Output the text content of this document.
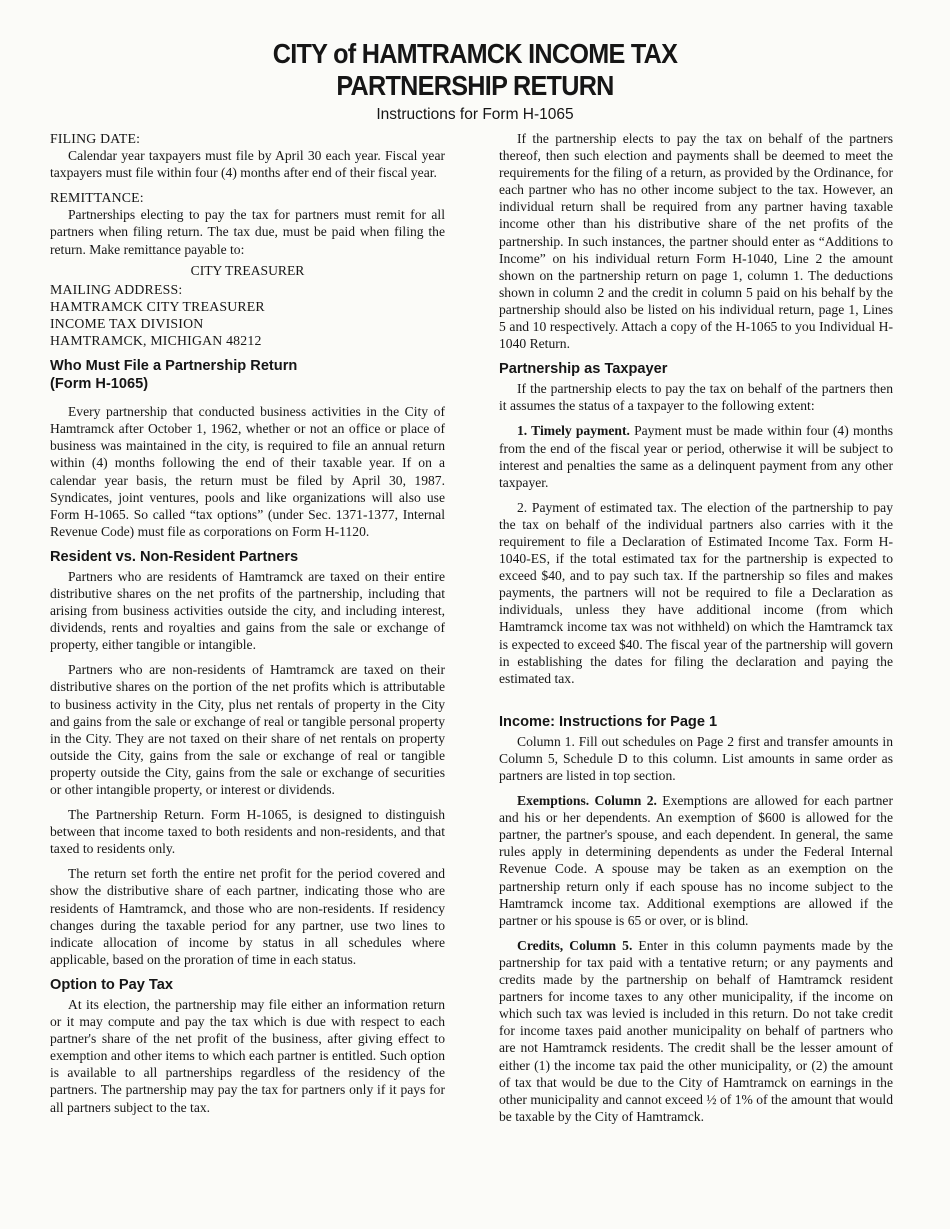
CITY of HAMTRAMCK INCOME TAX
PARTNERSHIP RETURN
Instructions for Form H-1065

FILING DATE:

Calendar year taxpayers must file by April 30 each year. Fiscal year taxpayers must file within four (4) months after end of their fiscal year.

REMITTANCE:

Partnerships electing to pay the tax for partners must remit for all partners when filing return. The tax due, must be paid when filing the return. Make remittance payable to:

CITY TREASURER

MAILING ADDRESS:

HAMTRAMCK CITY TREASURER

INCOME TAX DIVISION

HAMTRAMCK, MICHIGAN 48212

Who Must File a Partnership Return (Form H-1065)

Every partnership that conducted business activities in the City of Hamtramck after October 1, 1962, whether or not an office or place of business was maintained in the city, is required to file an annual return within (4) months following the end of their taxable year. If on a calendar year basis, the return must be filed by April 30, 1987. Syndicates, joint ventures, pools and like organizations will also use Form H-1065. So called “tax options” (under Sec. 1371-1377, Internal Revenue Code) must file as corporations on Form H-1120.

Resident vs. Non-Resident Partners

Partners who are residents of Hamtramck are taxed on their entire distributive shares on the net profits of the partnership, including that arising from business activities outside the city, and including interest, dividends, rents and royalties and gains from the sale or exchange of property, either tangible or intangible.

Partners who are non-residents of Hamtramck are taxed on their distributive shares on the portion of the net profits which is attributable to business activity in the City, plus net rentals of property in the City and gains from the sale or exchange of real or tangible personal property in the City. They are not taxed on their share of net rentals on property outside the City, gains from the sale or exchange of real or tangible property outside the City, gains from the sale or exchange of securities or other intangible property, or interest or dividends.

The Partnership Return. Form H-1065, is designed to distinguish between that income taxed to both residents and non-residents, and that taxed to residents only.

The return set forth the entire net profit for the period covered and show the distributive share of each partner, indicating those who are residents of Hamtramck, and those who are non-residents. If residency changes during the taxable period for any partner, use two lines to indicate allocation of income by status in all schedules where applicable, based on the proration of time in each status.

Option to Pay Tax

At its election, the partnership may file either an information return or it may compute and pay the tax which is due with respect to each partner's share of the net profit of the business, after giving effect to exemption and other items to which each partner is entitled. Such option is available to all partnerships regardless of the residency of the partners. The partnership may pay the tax for partners only if it pays for all partners subject to the tax.

If the partnership elects to pay the tax on behalf of the partners thereof, then such election and payments shall be deemed to meet the requirements for the filing of a return, as provided by the Ordinance, for each partner who has no other income subject to the tax. However, an individual return shall be required from any partner having taxable income other than his distributive share of the net profits of the partnership. In such instances, the partner should enter as “Additions to Income” on his individual return Form H-1040, Line 2 the amount shown on the partnership return on page 1, column 1. The deductions shown in column 2 and the credit in column 5 paid on his behalf by the partnership should also be listed on his individual return, page 1, Lines 5 and 10 respectively. Attach a copy of the H-1065 to you Individual H-1040 Return.

Partnership as Taxpayer

If the partnership elects to pay the tax on behalf of the partners then it assumes the status of a taxpayer to the following extent:

1. Timely payment. Payment must be made within four (4) months from the end of the fiscal year or period, otherwise it will be subject to interest and penalties the same as a delinquent payment from any other taxpayer.

2. Payment of estimated tax. The election of the partnership to pay the tax on behalf of the individual partners also carries with it the requirement to file a Declaration of Estimated Income Tax. Form H-1040-ES, if the total estimated tax for the partnership is expected to exceed $40, and to pay such tax. If the partnership so files and makes payments, the partners will not be required to file a Declaration as individuals, unless they have additional income (from which Hamtramck income tax was not withheld) on which the Hamtramck tax is expected to exceed $40. The fiscal year of the partnership will govern in establishing the dates for filing the declaration and paying the estimated tax.

Income: Instructions for Page 1

Column 1. Fill out schedules on Page 2 first and transfer amounts in Column 5, Schedule D to this column. List amounts in same order as partners are listed in top section.

Exemptions. Column 2. Exemptions are allowed for each partner and his or her dependents. An exemption of $600 is allowed for the partner, the partner's spouse, and each dependent. In general, the same rules apply in determining dependents as under the Federal Internal Revenue Code. A spouse may be taken as an exemption on the partnership return only if each spouse has no income subject to the Hamtramck income tax. Additional exemptions are allowed if the partner or his spouse is 65 or over, or is blind.

Credits, Column 5. Enter in this column payments made by the partnership for tax paid with a tentative return; or any payments and credits made by the partnership on behalf of Hamtramck resident partners for income taxes to any other municipality, if the income on which such tax was levied is included in this return. Do not take credit for income taxes paid another municipality on behalf of partners who are not Hamtramck residents. The credit shall be the lesser amount of either (1) the income tax paid the other municipality, or (2) the amount of tax that would be due to the City of Hamtramck on earnings in the other municipality and cannot exceed ½ of 1% of the amount that would be taxable by the City of Hamtramck.
